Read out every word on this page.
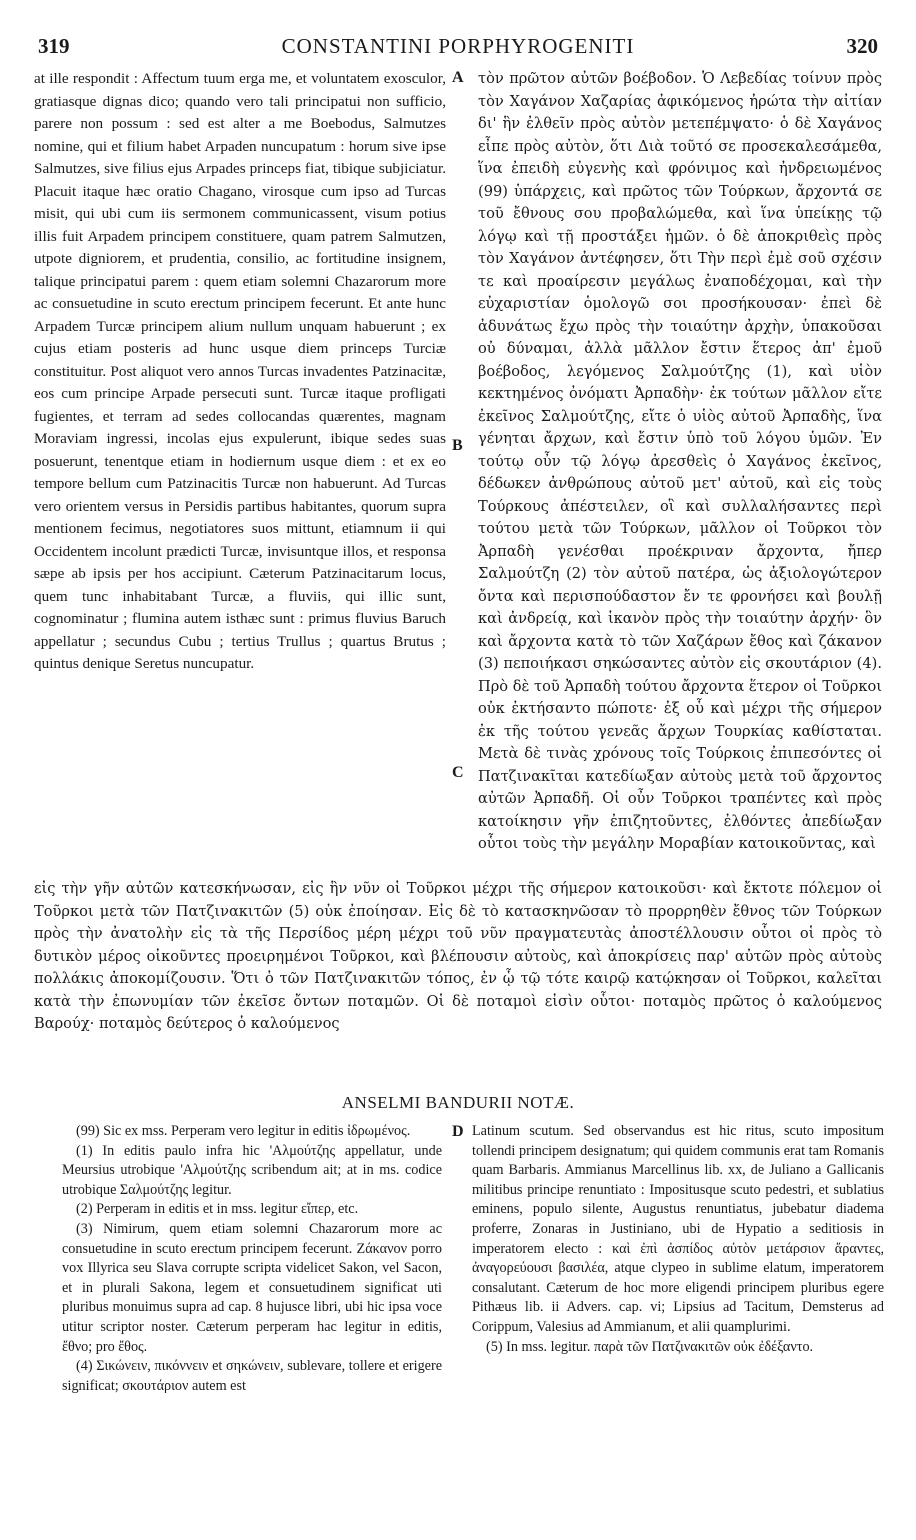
319	CONSTANTINI PORPHYROGENITI	320

at ille respondit : Affectum tuum erga me, et voluntatem exosculor, gratiasque dignas dico; quando vero tali principatui non sufficio, parere non possum : sed est alter a me Boebodus, Salmutzes nomine, qui et filium habet Arpaden nuncupatum : horum sive ipse Salmutzes, sive filius ejus Arpades princeps fiat, tibique subjiciatur. Placuit itaque hæc oratio Chagano, virosque cum ipso ad Turcas misit, qui ubi cum iis sermonem communicassent, visum potius illis fuit Arpadem principem constituere, quam patrem Salmutzen, utpote digniorem, et prudentia, consilio, ac fortitudine insignem, talique principatui parem : quem etiam solemni Chazarorum more ac consuetudine in scuto erectum principem fecerunt. Et ante hunc Arpadem Turcæ principem alium nullum unquam habuerunt ; ex cujus etiam posteris ad hunc usque diem princeps Turciæ constituitur. Post aliquot vero annos Turcas invadentes Patzinacitæ, eos cum principe Arpade persecuti sunt. Turcæ itaque profligati fugientes, et terram ad sedes collocandas quærentes, magnam Moraviam ingressi, incolas ejus expulerunt, ibique sedes suas posuerunt, tenentque etiam in hodiernum usque diem : et ex eo tempore bellum cum Patzinacitis Turcæ non habuerunt. Ad Turcas vero orientem versus in Persidis partibus habitantes, quorum supra mentionem fecimus, negotiatores suos mittunt, etiamnum ii qui Occidentem incolunt prædicti Turcæ, invisuntque illos, et responsa sæpe ab ipsis per hos accipiunt. Cæterum Patzinacitarum locus, quem tunc inhabitabant Turcæ, a fluviis, qui illic sunt, cognominatur ; flumina autem isthæc sunt : primus fluvius Baruch appellatur ; secundus Cubu ; tertius Trullus ; quartus Brutus ; quintus denique Seretus nuncupatur.

A
B
C

τὸν πρῶτον αὐτῶν βοέβοδον. Ὁ Λεβεδίας τοίνυν πρὸς τὸν Χαγάνον Χαζαρίας ἀφικόμενος ἠρώτα τὴν αἰτίαν δι' ἣν ἐλθεῖν πρὸς αὐτὸν μετεπέμψατο· ὁ δὲ Χαγάνος εἶπε πρὸς αὐτὸν, ὅτι Διὰ τοῦτό σε προσεκαλεσάμεθα, ἵνα ἐπειδὴ εὐγενὴς καὶ φρόνιμος καὶ ἠνδρειωμένος (99) ὑπάρχεις, καὶ πρῶτος τῶν Τούρκων, ἄρχοντά σε τοῦ ἔθνους σου προβαλώμεθα, καὶ ἵνα ὑπείκῃς τῷ λόγῳ καὶ τῇ προστάξει ἡμῶν. ὁ δὲ ἀποκριθεὶς πρὸς τὸν Χαγάνον ἀντέφησεν, ὅτι Τὴν περὶ ἐμὲ σοῦ σχέσιν τε καὶ προαίρεσιν μεγάλως ἐναποδέχομαι, καὶ τὴν εὐχαριστίαν ὁμολογῶ σοι προσήκουσαν· ἐπεὶ δὲ ἀδυνάτως ἔχω πρὸς τὴν τοιαύτην ἀρχὴν, ὑπακοῦσαι οὐ δύναμαι, ἀλλὰ μᾶλλον ἔστιν ἕτερος ἀπ' ἐμοῦ βοέβοδος, λεγόμενος Σαλμούτζης (1), καὶ υἱὸν κεκτημένος ὀνόματι Ἀρπαδὴν· ἐκ τούτων μᾶλλον εἴτε ἐκεῖνος Σαλμούτζης, εἴτε ὁ υἱὸς αὐτοῦ Ἀρπαδὴς, ἵνα γένηται ἄρχων, καὶ ἔστιν ὑπὸ τοῦ λόγου ὑμῶν. Ἐν τούτῳ οὖν τῷ λόγῳ ἀρεσθεὶς ὁ Χαγάνος ἐκεῖνος, δέδωκεν ἀνθρώπους αὐτοῦ μετ' αὐτοῦ, καὶ εἰς τοὺς Τούρκους ἀπέστειλεν, οἳ καὶ συλλαλήσαντες περὶ τούτου μετὰ τῶν Τούρκων, μᾶλλον οἱ Τοῦρκοι τὸν Ἀρπαδὴ γενέσθαι προέκριναν ἄρχοντα, ἤπερ Σαλμούτζη (2) τὸν αὐτοῦ πατέρα, ὡς ἀξιολογώτερον ὄντα καὶ περισπούδαστον ἔν τε φρονήσει καὶ βουλῇ καὶ ἀνδρείᾳ, καὶ ἱκανὸν πρὸς τὴν τοιαύτην ἀρχήν· ὃν καὶ ἄρχοντα κατὰ τὸ τῶν Χαζάρων ἔθος καὶ ζάκανον (3) πεποιήκασι σηκώσαντες αὐτὸν εἰς σκουτάριον (4). Πρὸ δὲ τοῦ Ἀρπαδὴ τούτου ἄρχοντα ἕτερον οἱ Τοῦρκοι οὐκ ἐκτήσαντο πώποτε· ἐξ οὗ καὶ μέχρι τῆς σήμερον ἐκ τῆς τούτου γενεᾶς ἄρχων Τουρκίας καθίσταται. Μετὰ δὲ τινὰς χρόνους τοῖς Τούρκοις ἐπιπεσόντες οἱ Πατζινακῖται κατεδίωξαν αὐτοὺς μετὰ τοῦ ἄρχοντος αὐτῶν Ἀρπαδῆ. Οἱ οὖν Τοῦρκοι τραπέντες καὶ πρὸς κατοίκησιν γῆν ἐπιζητοῦντες, ἐλθόντες ἀπεδίωξαν οὗτοι τοὺς τὴν μεγάλην Μοραβίαν κατοικοῦντας, καὶ

εἰς τὴν γῆν αὐτῶν κατεσκήνωσαν, εἰς ἣν νῦν οἱ Τοῦρκοι μέχρι τῆς σήμερον κατοικοῦσι· καὶ ἔκτοτε πόλεμον οἱ Τοῦρκοι μετὰ τῶν Πατζινακιτῶν (5) οὐκ ἐποίησαν. Εἰς δὲ τὸ κατασκηνῶσαν τὸ προρρηθὲν ἔθνος τῶν Τούρκων πρὸς τὴν ἀνατολὴν εἰς τὰ τῆς Περσίδος μέρη μέχρι τοῦ νῦν πραγματευτὰς ἀποστέλλουσιν οὗτοι οἱ πρὸς τὸ δυτικὸν μέρος οἰκοῦντες προειρημένοι Τοῦρκοι, καὶ βλέπουσιν αὐτοὺς, καὶ ἀποκρίσεις παρ' αὐτῶν πρὸς αὐτοὺς πολλάκις ἀποκομίζουσιν. Ὅτι ὁ τῶν Πατζινακιτῶν τόπος, ἐν ᾧ τῷ τότε καιρῷ κατῴκησαν οἱ Τοῦρκοι, καλεῖται κατὰ τὴν ἐπωνυμίαν τῶν ἐκεῖσε ὄντων ποταμῶν. Οἱ δὲ ποταμοὶ εἰσὶν οὗτοι· ποταμὸς πρῶτος ὁ καλούμενος Βαρούχ· ποταμὸς δεύτερος ὁ καλούμενος

ANSELMI BANDURII NOTÆ.
D

(99) Sic ex mss. Perperam vero legitur in editis ἰδρωμένος.

(1) In editis paulo infra hic 'Αλμούτζης appellatur, unde Meursius utrobique 'Αλμούτζης scribendum ait; at in ms. codice utrobique Σαλμούτζης legitur.

(2) Perperam in editis et in mss. legitur εἴπερ, etc.

(3) Nimirum, quem etiam solemni Chazarorum more ac consuetudine in scuto erectum principem fecerunt. Ζάκανον porro vox Illyrica seu Slava corrupte scripta videlicet Sakon, vel Sacon, et in plurali Sakona, legem et consuetudinem significat uti pluribus monuimus supra ad cap. 8 hujusce libri, ubi hic ipsa voce utitur scriptor noster. Cæterum perperam hac legitur in editis, ἔθνο; pro ἔθος.

(4) Σικώνειν, πικόννειν et σηκώνειν, sublevare, tollere et erigere significat; σκουτάριον autem est

Latinum scutum. Sed observandus est hic ritus, scuto impositum tollendi principem designatum; qui quidem communis erat tam Romanis quam Barbaris. Ammianus Marcellinus lib. xx, de Juliano a Gallicanis militibus principe renuntiato : Impositusque scuto pedestri, et sublatius eminens, populo silente, Augustus renuntiatus, jubebatur diadema proferre, Zonaras in Justiniano, ubi de Hypatio a seditiosis in imperatorem electo : καὶ ἐπὶ ἀσπίδος αὐτὸν μετάρσιον ἄραντες, ἀναγορεύουσι βασιλέα, atque clypeo in sublime elatum, imperatorem consalutant. Cæterum de hoc more eligendi principem pluribus egere Pithæus lib. ii Advers. cap. vi; Lipsius ad Tacitum, Demsterus ad Corippum, Valesius ad Ammianum, et alii quamplurimi.

(5) In mss. legitur. παρὰ τῶν Πατζινακιτῶν οὐκ ἐδέξαντο.
